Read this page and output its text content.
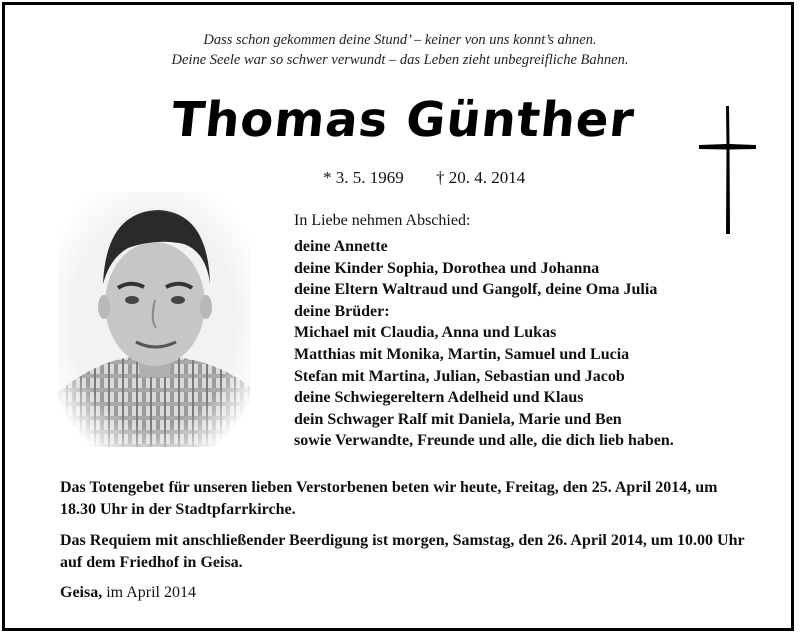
Dass schon gekommen deine Stund’ – keiner von uns konnt’s ahnen.
Deine Seele war so schwer verwundt – das Leben zieht unbegreifliche Bahnen.
Thomas Günther
* 3. 5. 1969 † 20. 4. 2014
In Liebe nehmen Abschied:
deine Annette
deine Kinder Sophia, Dorothea und Johanna
deine Eltern Waltraud und Gangolf, deine Oma Julia
deine Brüder:
Michael mit Claudia, Anna und Lukas
Matthias mit Monika, Martin, Samuel und Lucia
Stefan mit Martina, Julian, Sebastian und Jacob
deine Schwiegereltern Adelheid und Klaus
dein Schwager Ralf mit Daniela, Marie und Ben
sowie Verwandte, Freunde und alle, die dich lieb haben.
Das Totengebet für unseren lieben Verstorbenen beten wir heute, Freitag, den 25. April 2014, um 18.30 Uhr in der Stadtpfarrkirche.
Das Requiem mit anschließender Beerdigung ist morgen, Samstag, den 26. April 2014, um 10.00 Uhr auf dem Friedhof in Geisa.
Geisa, im April 2014
